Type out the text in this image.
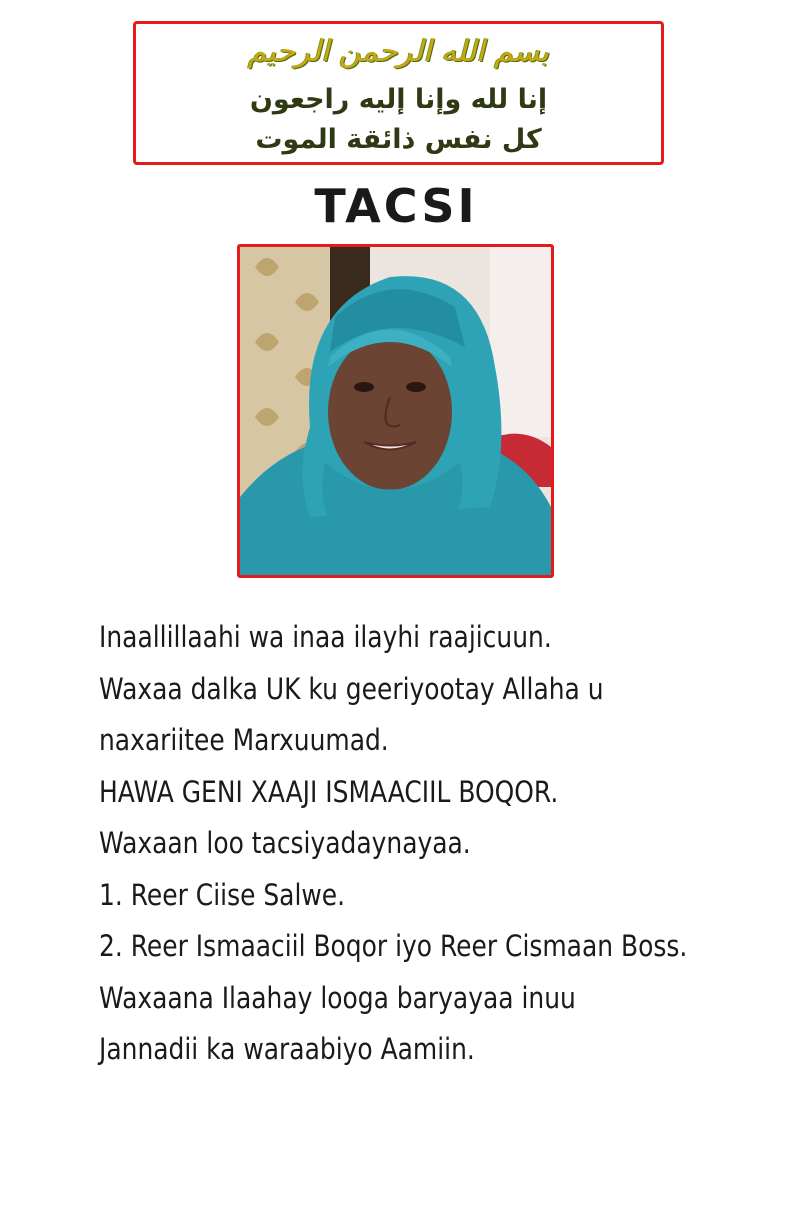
بسم الله الرحمن الرحيم
إنا لله وإنا إليه راجعون
كل نفس ذائقة الموت
TACSI
Inaallillaahi wa inaa ilayhi raajicuun.
Waxaa dalka UK ku geeriyootay Allaha u
naxariitee Marxuumad.
HAWA GENI XAAJI ISMAACIIL BOQOR.
Waxaan loo tacsiyadaynayaa.
1. Reer Ciise Salwe.
2. Reer Ismaaciil Boqor iyo Reer Cismaan Boss.
Waxaana Ilaahay looga baryayaa inuu
Jannadii ka waraabiyo Aamiin.
